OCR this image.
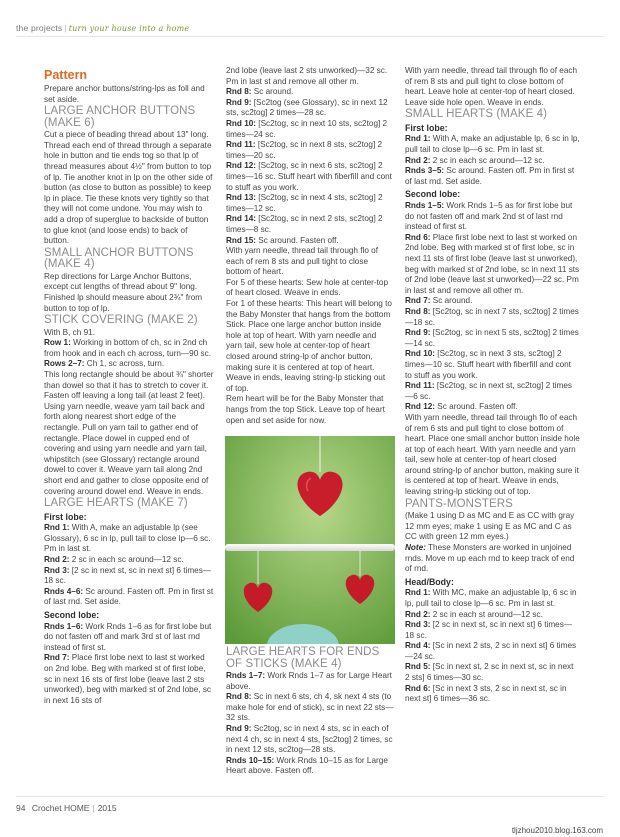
the projects | turn your house into a home
Pattern

Prepare anchor buttons/string-lps as foll and set aside.

LARGE ANCHOR BUTTONS (MAKE 6)

Cut a piece of beading thread about 13" long. Thread each end of thread through a separate hole in button and tie ends tog so that lp of thread measures about 4½" from button to top of lp. Tie another knot in lp on the other side of button (as close to button as possible) to keep lp in place. Tie these knots very tightly so that they will not come undone. You may wish to add a drop of superglue to backside of button to glue knot (and loose ends) to back of button.

SMALL ANCHOR BUTTONS (MAKE 4)

Rep directions for Large Anchor Buttons, except cut lengths of thread about 9" long. Finished lp should measure about 2¾" from button to top of lp.

STICK COVERING (MAKE 2)

With B, ch 91.

Row 1: Working in bottom of ch, sc in 2nd ch from hook and in each ch across, turn—90 sc.

Rows 2–7: Ch 1, sc across, turn.

This long rectangle should be about ¾" shorter than dowel so that it has to stretch to cover it.

Fasten off leaving a long tail (at least 2 feet). Using yarn needle, weave yarn tail back and forth along nearest short edge of the rectangle. Pull on yarn tail to gather end of rectangle. Place dowel in cupped end of covering and using yarn needle and yarn tail, whipstitch (see Glossary) rectangle around dowel to cover it. Weave yarn tail along 2nd short end and gather to close opposite end of covering around dowel end. Weave in ends.

LARGE HEARTS (MAKE 7)
First lobe:

Rnd 1: With A, make an adjustable lp (see Glossary), 6 sc in lp, pull tail to close lp—6 sc. Pm in last st.

Rnd 2: 2 sc in each sc around—12 sc.

Rnd 3: [2 sc in next st, sc in next st] 6 times—18 sc.

Rnds 4–6: Sc around. Fasten off. Pm in first st of last rnd. Set aside.

Second lobe:

Rnds 1–6: Work Rnds 1–6 as for first lobe but do not fasten off and mark 3rd st of last rnd instead of first st.

Rnd 7: Place first lobe next to last st worked on 2nd lobe. Beg with marked st of first lobe, sc in next 16 sts of first lobe (leave last 2 sts unworked), beg with marked st of 2nd lobe, sc in next 16 sts of

2nd lobe (leave last 2 sts unworked)—32 sc. Pm in last st and remove all other m.

Rnd 8: Sc around.

Rnd 9: [Sc2tog (see Glossary), sc in next 12 sts, sc2tog] 2 times—28 sc.

Rnd 10: [Sc2tog, sc in next 10 sts, sc2tog] 2 times—24 sc.

Rnd 11: [Sc2tog, sc in next 8 sts, sc2tog] 2 times—20 sc.

Rnd 12: [Sc2tog, sc in next 6 sts, sc2tog] 2 times—16 sc. Stuff heart with fiberfill and cont to stuff as you work.

Rnd 13: [Sc2tog, sc in next 4 sts, sc2tog] 2 times—12 sc.

Rnd 14: [Sc2tog, sc in next 2 sts, sc2tog] 2 times—8 sc.

Rnd 15: Sc around. Fasten off.

With yarn needle, thread tail through flo of each of rem 8 sts and pull tight to close bottom of heart.

For 5 of these hearts: Sew hole at center-top of heart closed. Weave in ends.

For 1 of these hearts: This heart will belong to the Baby Monster that hangs from the bottom Stick. Place one large anchor button inside hole at top of heart. With yarn needle and yarn tail, sew hole at center-top of heart closed around string-lp of anchor button, making sure it is centered at top of heart. Weave in ends, leaving string-lp sticking out of top.

Rem heart will be for the Baby Monster that hangs from the top Stick. Leave top of heart open and set aside for now.

LARGE HEARTS FOR ENDS OF STICKS (MAKE 4)

Rnds 1–7: Work Rnds 1–7 as for Large Heart above.

Rnd 8: Sc in next 6 sts, ch 4, sk next 4 sts (to make hole for end of stick), sc in next 22 sts—32 sts.

Rnd 9: Sc2tog, sc in next 4 sts, sc in each of next 4 ch, sc in next 4 sts, [sc2tog] 2 times, sc in next 12 sts, sc2tog—28 sts.

Rnds 10–15: Work Rnds 10–15 as for Large Heart above. Fasten off.

With yarn needle, thread tail through flo of each of rem 8 sts and pull tight to close bottom of heart. Leave hole at center-top of heart closed. Leave side hole open. Weave in ends.

SMALL HEARTS (MAKE 4)
First lobe:

Rnd 1: With A, make an adjustable lp, 6 sc in lp, pull tail to close lp—6 sc. Pm in last st.

Rnd 2: 2 sc in each sc around—12 sc.

Rnds 3–5: Sc around. Fasten off. Pm in first st of last rnd. Set aside.

Second lobe:

Rnds 1–5: Work Rnds 1–5 as for first lobe but do not fasten off and mark 2nd st of last rnd instead of first st.

Rnd 6: Place first lobe next to last st worked on 2nd lobe. Beg with marked st of first lobe, sc in next 11 sts of first lobe (leave last st unworked), beg with marked st of 2nd lobe, sc in next 11 sts of 2nd lobe (leave last st unworked)—22 sc. Pm in last st and remove all other m.

Rnd 7: Sc around.

Rnd 8: [Sc2tog, sc in next 7 sts, sc2tog] 2 times—18 sc.

Rnd 9: [Sc2tog, sc in next 5 sts, sc2tog] 2 times—14 sc.

Rnd 10: [Sc2tog, sc in next 3 sts, sc2tog] 2 times—10 sc. Stuff heart with fiberfill and cont to stuff as you work.

Rnd 11: [Sc2tog, sc in next st, sc2tog] 2 times—6 sc.

Rnd 12: Sc around. Fasten off.

With yarn needle, thread tail through flo of each of rem 6 sts and pull tight to close bottom of heart. Place one small anchor button inside hole at top of each heart. With yarn needle and yarn tail, sew hole at center-top of heart closed around string-lp of anchor button, making sure it is centered at top of heart. Weave in ends, leaving string-lp sticking out of top.

PANTS-MONSTERS

(Make 1 using D as MC and E as CC with gray 12 mm eyes; make 1 using E as MC and C as CC with green 12 mm eyes.)

Note: These Monsters are worked in unjoined rnds. Move m up each rnd to keep track of end of rnd.

Head/Body:

Rnd 1: With MC, make an adjustable lp, 6 sc in lp, pull tail to close lp—6 sc. Pm in last st.

Rnd 2: 2 sc in each st around—12 sc.

Rnd 3: [2 sc in next st, sc in next st] 6 times—18 sc.

Rnd 4: [Sc in next 2 sts, 2 sc in next st] 6 times—24 sc.

Rnd 5: [Sc in next st, 2 sc in next st, sc in next 2 sts] 6 times—30 sc.

Rnd 6: [Sc in next 3 sts, 2 sc in next st, sc in next st] 6 times—36 sc.

94 Crochet HOME | 2015
tljzhou2010.blog.163.com
